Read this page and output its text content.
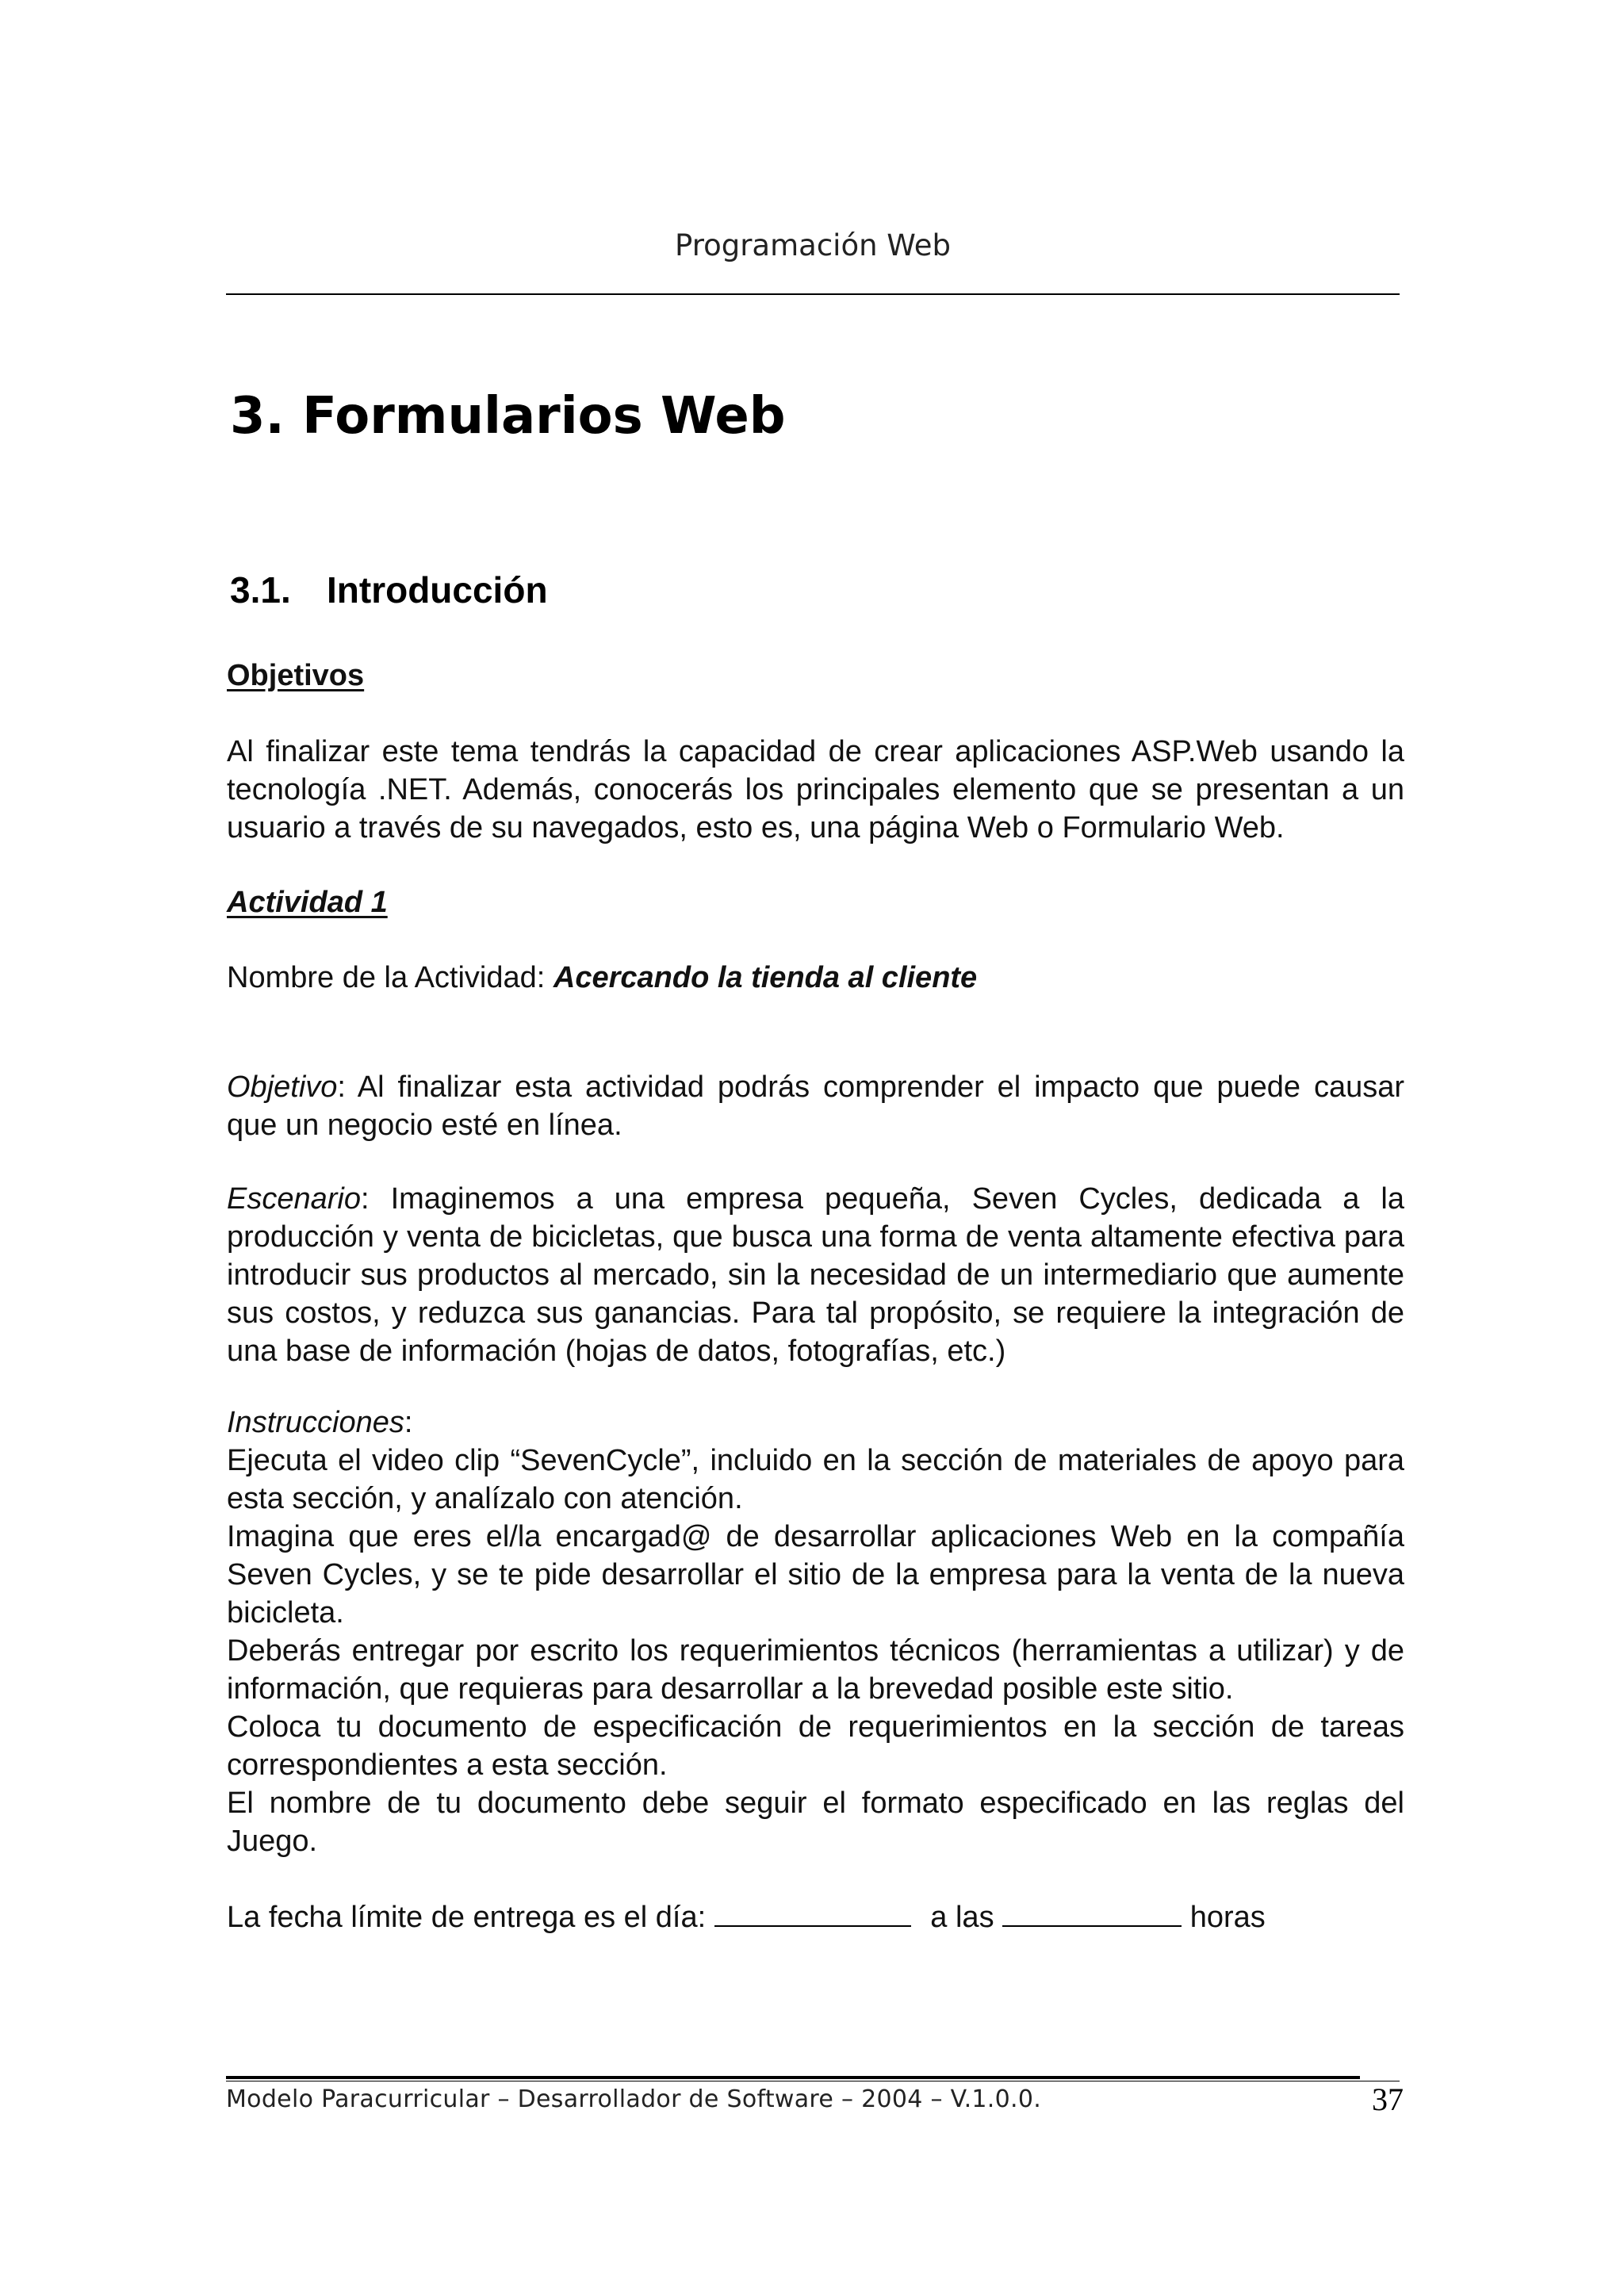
Programación Web
3. Formularios Web
3.1. Introducción

Objetivos

Al finalizar este tema tendrás la capacidad de crear aplicaciones ASP.Web usando la tecnología .NET. Además, conocerás los principales elemento que se presentan a un usuario a través de su navegados, esto es, una página Web o Formulario Web.

Actividad 1

Nombre de la Actividad: Acercando la tienda al cliente

Objetivo: Al finalizar esta actividad podrás comprender el impacto que puede causar que un negocio esté en línea.

Escenario: Imaginemos a una empresa pequeña, Seven Cycles, dedicada a la producción y venta de bicicletas, que busca una forma de venta altamente efectiva para introducir sus productos al mercado, sin la necesidad de un intermediario que aumente sus costos, y reduzca sus ganancias. Para tal propósito, se requiere la integración de una base de información (hojas de datos, fotografías, etc.)

Instrucciones:

Ejecuta el video clip “SevenCycle”, incluido en la sección de materiales de apoyo para esta sección, y analízalo con atención.

Imagina que eres el/la encargad@ de desarrollar aplicaciones Web en la compañía Seven Cycles, y se te pide desarrollar el sitio de la empresa para la venta de la nueva bicicleta.

Deberás entregar por escrito los requerimientos técnicos (herramientas a utilizar) y de información, que requieras para desarrollar a la brevedad posible este sitio.

Coloca tu documento de especificación de requerimientos en la sección de tareas correspondientes a esta sección.

El nombre de tu documento debe seguir el formato especificado en las reglas del Juego.

La fecha límite de entrega es el día:	a las	horas

Modelo Paracurricular – Desarrollador de Software – 2004 – V.1.0.0.	37
